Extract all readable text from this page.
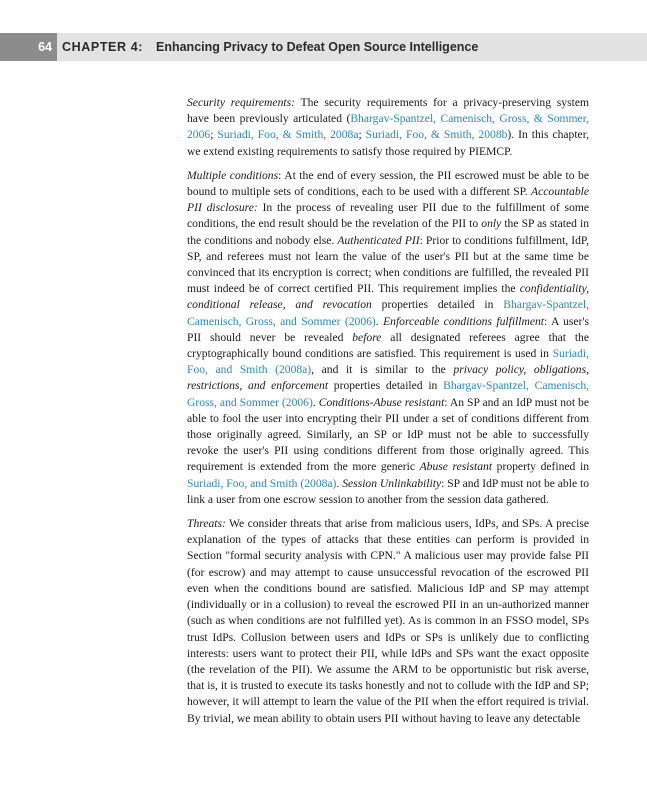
64 CHAPTER 4: Enhancing Privacy to Defeat Open Source Intelligence

Security requirements: The security requirements for a privacy-preserving system have been previously articulated (Bhargav-Spantzel, Camenisch, Gross, & Sommer, 2006; Suriadi, Foo, & Smith, 2008a; Suriadi, Foo, & Smith, 2008b). In this chapter, we extend existing requirements to satisfy those required by PIEMCP.

Multiple conditions: At the end of every session, the PII escrowed must be able to be bound to multiple sets of conditions, each to be used with a different SP. Accountable PII disclosure: In the process of revealing user PII due to the fulfillment of some conditions, the end result should be the revelation of the PII to only the SP as stated in the conditions and nobody else. Authenticated PII: Prior to conditions fulfillment, IdP, SP, and referees must not learn the value of the user's PII but at the same time be convinced that its encryption is correct; when conditions are fulfilled, the revealed PII must indeed be of correct certified PII. This requirement implies the confidentiality, conditional release, and revocation properties detailed in Bhargav-Spantzel, Camenisch, Gross, and Sommer (2006). Enforceable conditions fulfillment: A user's PII should never be revealed before all designated referees agree that the cryptographically bound conditions are satisfied. This requirement is used in Suriadi, Foo, and Smith (2008a), and it is similar to the privacy policy, obligations, restrictions, and enforcement properties detailed in Bhargav-Spantzel, Camenisch, Gross, and Sommer (2006). Conditions-Abuse resistant: An SP and an IdP must not be able to fool the user into encrypting their PII under a set of conditions different from those originally agreed. Similarly, an SP or IdP must not be able to successfully revoke the user's PII using conditions different from those originally agreed. This requirement is extended from the more generic Abuse resistant property defined in Suriadi, Foo, and Smith (2008a). Session Unlinkability: SP and IdP must not be able to link a user from one escrow session to another from the session data gathered.

Threats: We consider threats that arise from malicious users, IdPs, and SPs. A precise explanation of the types of attacks that these entities can perform is provided in Section "formal security analysis with CPN." A malicious user may provide false PII (for escrow) and may attempt to cause unsuccessful revocation of the escrowed PII even when the conditions bound are satisfied. Malicious IdP and SP may attempt (individually or in a collusion) to reveal the escrowed PII in an un-authorized manner (such as when conditions are not fulfilled yet). As is common in an FSSO model, SPs trust IdPs. Collusion between users and IdPs or SPs is unlikely due to conflicting interests: users want to protect their PII, while IdPs and SPs want the exact opposite (the revelation of the PII). We assume the ARM to be opportunistic but risk averse, that is, it is trusted to execute its tasks honestly and not to collude with the IdP and SP; however, it will attempt to learn the value of the PII when the effort required is trivial. By trivial, we mean ability to obtain users PII without having to leave any detectable
